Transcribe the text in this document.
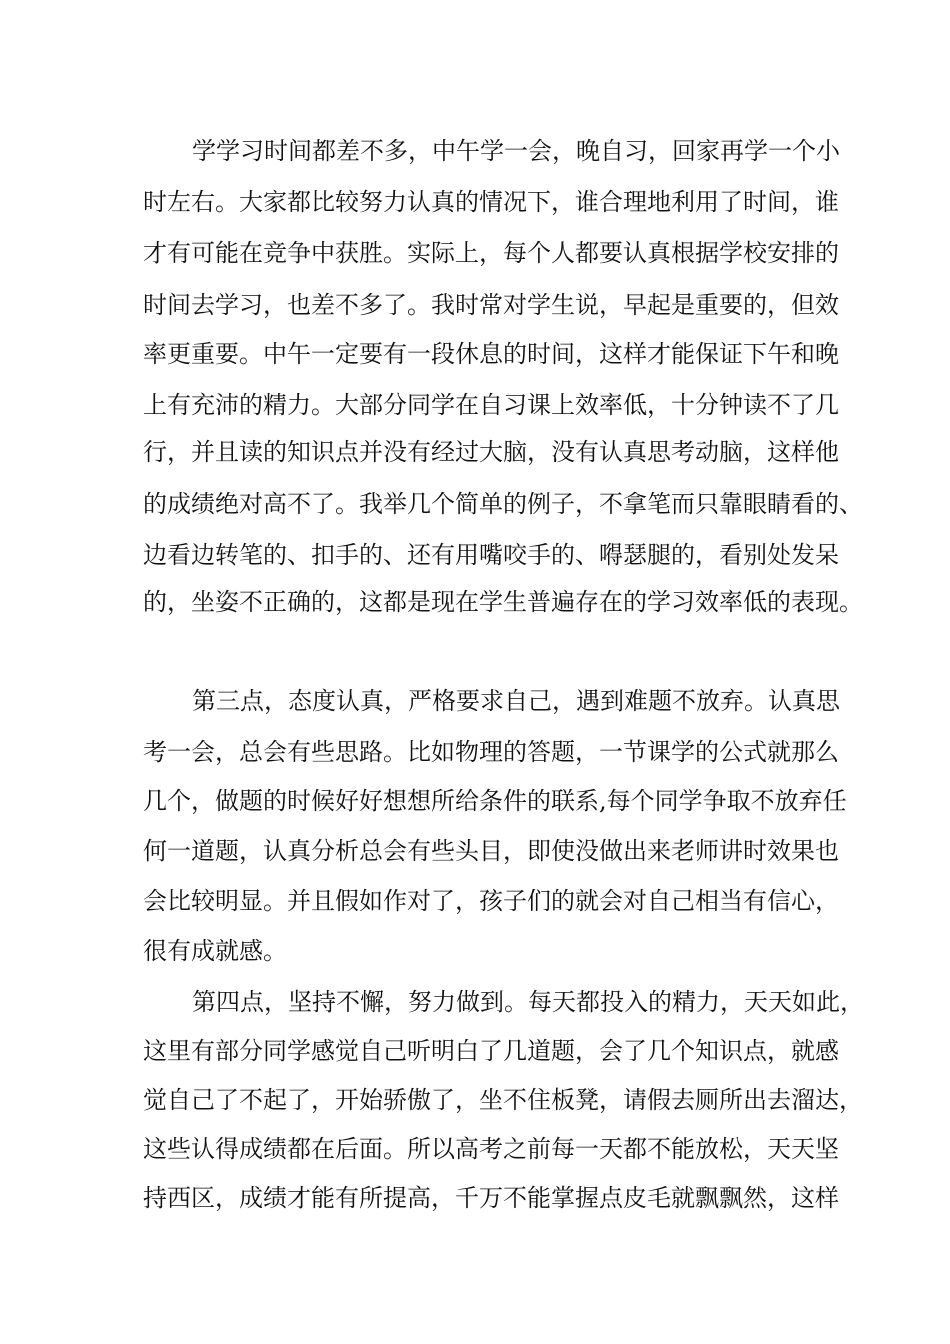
学学习时间都差不多，中午学一会，晚自习，回家再学一个小
时左右。大家都比较努力认真的情况下，谁合理地利用了时间，谁
才有可能在竞争中获胜。实际上，每个人都要认真根据学校安排的
时间去学习，也差不多了。我时常对学生说，早起是重要的，但效
率更重要。中午一定要有一段休息的时间，这样才能保证下午和晚
上有充沛的精力。大部分同学在自习课上效率低，十分钟读不了几
行，并且读的知识点并没有经过大脑，没有认真思考动脑，这样他
的成绩绝对高不了。我举几个简单的例子，不拿笔而只靠眼睛看的、
边看边转笔的、扣手的、还有用嘴咬手的、嘚瑟腿的，看别处发呆
的，坐姿不正确的，这都是现在学生普遍存在的学习效率低的表现。
第三点，态度认真，严格要求自己，遇到难题不放弃。认真思
考一会，总会有些思路。比如物理的答题，一节课学的公式就那么
几个，做题的时候好好想想所给条件的联系,每个同学争取不放弃任
何一道题，认真分析总会有些头目，即使没做出来老师讲时效果也
会比较明显。并且假如作对了，孩子们的就会对自己相当有信心，
很有成就感。
第四点，坚持不懈，努力做到。每天都投入的精力，天天如此，
这里有部分同学感觉自己听明白了几道题，会了几个知识点，就感
觉自己了不起了，开始骄傲了，坐不住板凳，请假去厕所出去溜达，
这些认得成绩都在后面。所以高考之前每一天都不能放松，天天坚
持西区，成绩才能有所提高，千万不能掌握点皮毛就飘飘然，这样
